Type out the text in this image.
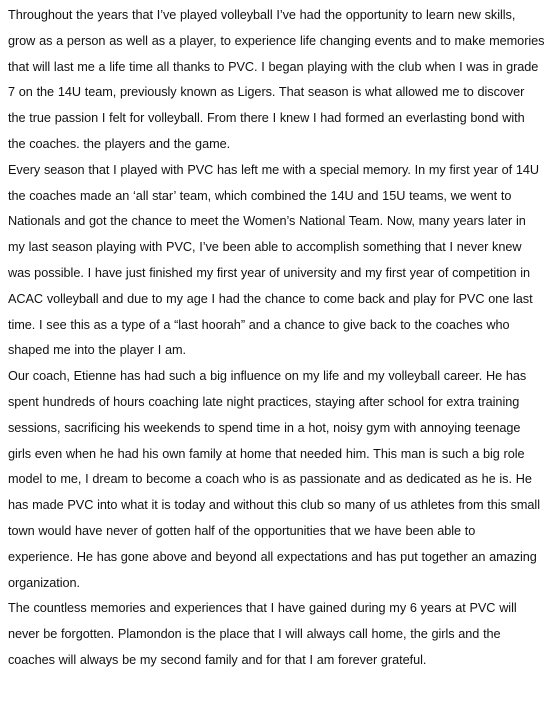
Throughout the years that I’ve played volleyball I’ve had the opportunity to learn new skills,
grow as a person as well as a player, to experience life changing events and to make memories
that will last me a life time all thanks to PVC. I began playing with the club when I was in grade
7 on the 14U team, previously known as Ligers. That season is what allowed me to discover
the true passion I felt for volleyball. From there I knew I had formed an everlasting bond with
the coaches. the players and the game.

Every season that I played with PVC has left me with a special memory. In my first year of 14U
the coaches made an ‘all star’ team, which combined the 14U and 15U teams, we went to
Nationals and got the chance to meet the Women’s National Team. Now, many years later in
my last season playing with PVC, I’ve been able to accomplish something that I never knew
was possible. I have just finished my first year of university and my first year of competition in
ACAC volleyball and due to my age I had the chance to come back and play for PVC one last
time. I see this as a type of a “last hoorah” and a chance to give back to the coaches who
shaped me into the player I am.

Our coach, Etienne has had such a big influence on my life and my volleyball career. He has
spent hundreds of hours coaching late night practices, staying after school for extra training
sessions, sacrificing his weekends to spend time in a hot, noisy gym with annoying teenage
girls even when he had his own family at home that needed him. This man is such a big role
model to me, I dream to become a coach who is as passionate and as dedicated as he is. He
has made PVC into what it is today and without this club so many of us athletes from this small
town would have never of gotten half of the opportunities that we have been able to
experience. He has gone above and beyond all expectations and has put together an amazing
organization.

The countless memories and experiences that I have gained during my 6 years at PVC will
never be forgotten. Plamondon is the place that I will always call home, the girls and the
coaches will always be my second family and for that I am forever grateful.
